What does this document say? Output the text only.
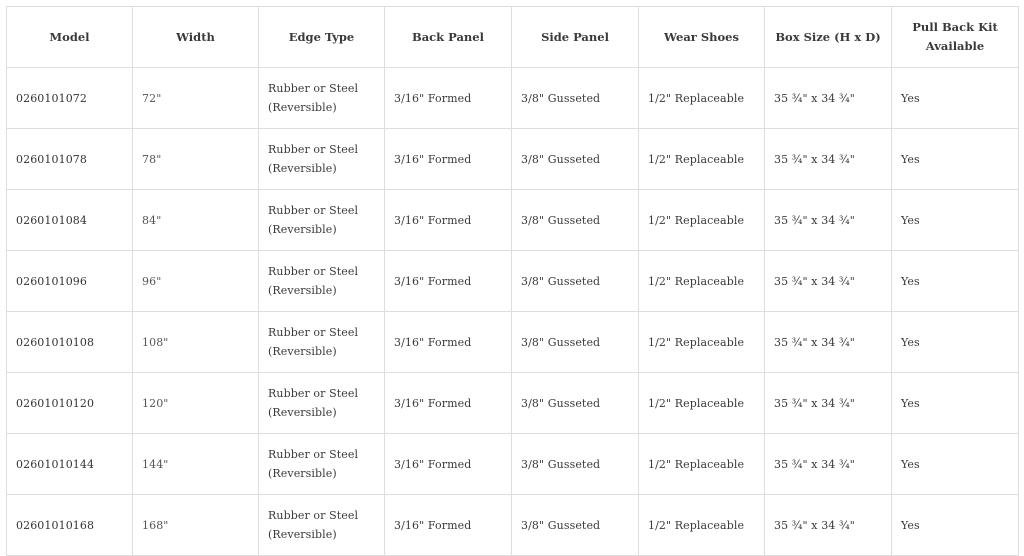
Model	Width	Edge Type	Back Panel	Side Panel	Wear Shoes	Box Size (H x D)	Pull Back Kit Available
0260101072	72"	Rubber or Steel (Reversible)	3/16" Formed	3/8" Gusseted	1/2" Replaceable	35 ¾" x 34 ¾"	Yes
0260101078	78"	Rubber or Steel (Reversible)	3/16" Formed	3/8" Gusseted	1/2" Replaceable	35 ¾" x 34 ¾"	Yes
0260101084	84"	Rubber or Steel (Reversible)	3/16" Formed	3/8" Gusseted	1/2" Replaceable	35 ¾" x 34 ¾"	Yes
0260101096	96"	Rubber or Steel (Reversible)	3/16" Formed	3/8" Gusseted	1/2" Replaceable	35 ¾" x 34 ¾"	Yes
02601010108	108"	Rubber or Steel (Reversible)	3/16" Formed	3/8" Gusseted	1/2" Replaceable	35 ¾" x 34 ¾"	Yes
02601010120	120"	Rubber or Steel (Reversible)	3/16" Formed	3/8" Gusseted	1/2" Replaceable	35 ¾" x 34 ¾"	Yes
02601010144	144"	Rubber or Steel (Reversible)	3/16" Formed	3/8" Gusseted	1/2" Replaceable	35 ¾" x 34 ¾"	Yes
02601010168	168"	Rubber or Steel (Reversible)	3/16" Formed	3/8" Gusseted	1/2" Replaceable	35 ¾" x 34 ¾"	Yes
